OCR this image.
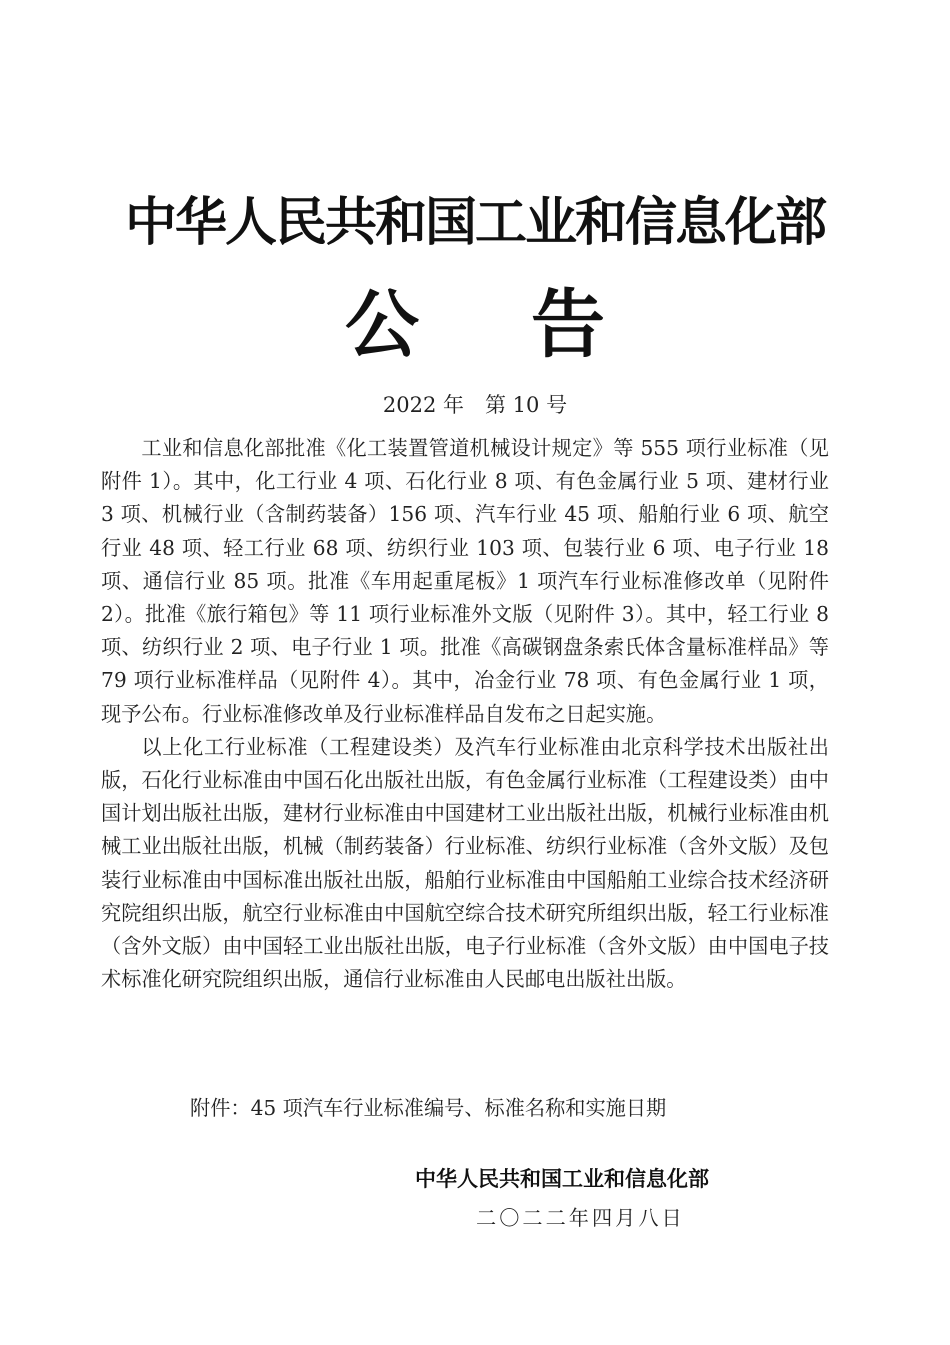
中华人民共和国工业和信息化部
公告
2022 年　第 10 号

工业和信息化部批准《化工装置管道机械设计规定》等 555 项行业标准（见附件 1）。其中，化工行业 4 项、石化行业 8 项、有色金属行业 5 项、建材行业 3 项、机械行业（含制药装备）156 项、汽车行业 45 项、船舶行业 6 项、航空行业 48 项、轻工行业 68 项、纺织行业 103 项、包装行业 6 项、电子行业 18 项、通信行业 85 项。批准《车用起重尾板》1 项汽车行业标准修改单（见附件 2）。批准《旅行箱包》等 11 项行业标准外文版（见附件 3）。其中，轻工行业 8 项、纺织行业 2 项、电子行业 1 项。批准《高碳钢盘条索氏体含量标准样品》等 79 项行业标准样品（见附件 4）。其中，冶金行业 78 项、有色金属行业 1 项，现予公布。行业标准修改单及行业标准样品自发布之日起实施。

以上化工行业标准（工程建设类）及汽车行业标准由北京科学技术出版社出版，石化行业标准由中国石化出版社出版，有色金属行业标准（工程建设类）由中国计划出版社出版，建材行业标准由中国建材工业出版社出版，机械行业标准由机械工业出版社出版，机械（制药装备）行业标准、纺织行业标准（含外文版）及包装行业标准由中国标准出版社出版，船舶行业标准由中国船舶工业综合技术经济研究院组织出版，航空行业标准由中国航空综合技术研究所组织出版，轻工行业标准（含外文版）由中国轻工业出版社出版，电子行业标准（含外文版）由中国电子技术标准化研究院组织出版，通信行业标准由人民邮电出版社出版。

附件：45 项汽车行业标准编号、标准名称和实施日期
中华人民共和国工业和信息化部
二〇二二年四月八日
